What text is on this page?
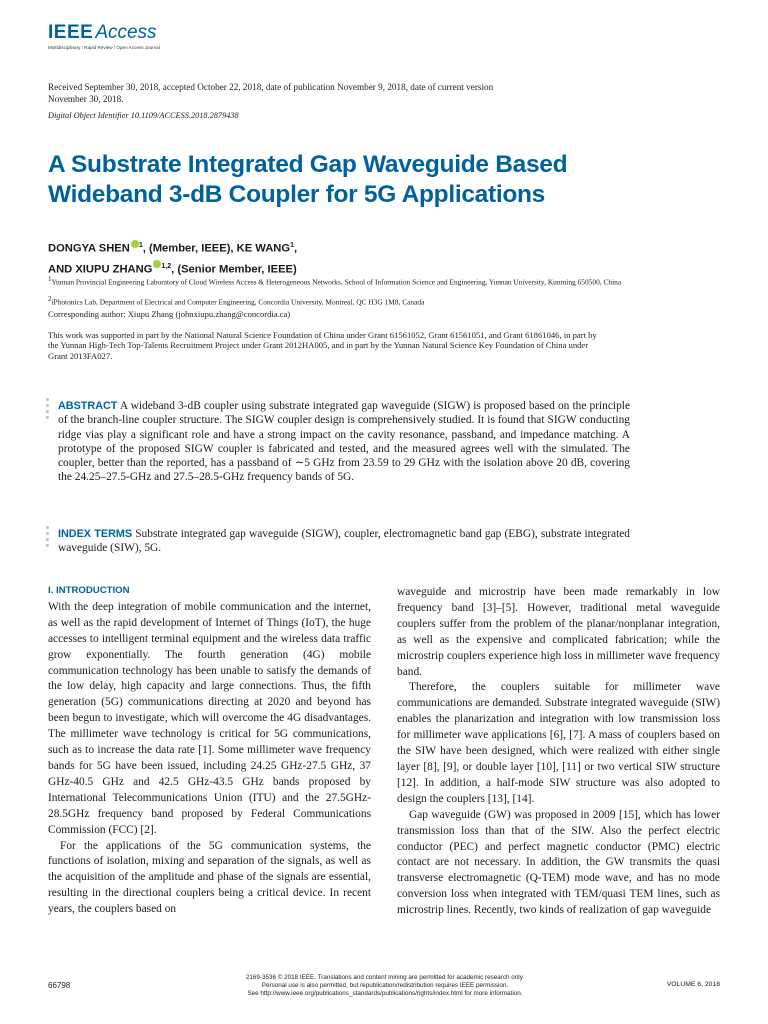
IEEE Access
Multidisciplinary ⁞ Rapid Review ⁞ Open Access Journal
Received September 30, 2018, accepted October 22, 2018, date of publication November 9, 2018, date of current version November 30, 2018.
Digital Object Identifier 10.1109/ACCESS.2018.2879438
A Substrate Integrated Gap Waveguide Based Wideband 3-dB Coupler for 5G Applications
DONGYA SHEN $^1$, (Member, IEEE), KE WANG$^1$,
AND XIUPU ZHANG $^{1,2}$, (Senior Member, IEEE)
$^1$Yunnan Provincial Engineering Laboratory of Cloud Wireless Access & Heterogeneous Networks, School of Information Science and Engineering, Yunnan University, Kunming 650500, China
$^2$iPhotonics Lab, Department of Electrical and Computer Engineering, Concordia University, Montreal, QC H3G 1M8, Canada
Corresponding author: Xiupu Zhang (johnxiupu.zhang@concordia.ca)
This work was supported in part by the National Natural Science Foundation of China under Grant 61561052, Grant 61561051, and Grant 61861046, in part by the Yunnan High-Tech Top-Talents Recruitment Project under Grant 2012HA005, and in part by the Yunnan Natural Science Key Foundation of China under Grant 2013FA027.
ABSTRACT A wideband 3-dB coupler using substrate integrated gap waveguide (SIGW) is proposed based on the principle of the branch-line coupler structure. The SIGW coupler design is comprehensively studied. It is found that SIGW conducting ridge vias play a significant role and have a strong impact on the cavity resonance, passband, and impedance matching. A prototype of the proposed SIGW coupler is fabricated and tested, and the measured agrees well with the simulated. The coupler, better than the reported, has a passband of ∼5 GHz from 23.59 to 29 GHz with the isolation above 20 dB, covering the 24.25–27.5-GHz and 27.5–28.5-GHz frequency bands of 5G.
INDEX TERMS Substrate integrated gap waveguide (SIGW), coupler, electromagnetic band gap (EBG), substrate integrated waveguide (SIW), 5G.
I. INTRODUCTION

With the deep integration of mobile communication and the internet, as well as the rapid development of Internet of Things (IoT), the huge accesses to intelligent terminal equipment and the wireless data traffic grow exponentially. The fourth generation (4G) mobile communication technology has been unable to satisfy the demands of the low delay, high capacity and large connections. Thus, the fifth generation (5G) communications directing at 2020 and beyond has been begun to investigate, which will overcome the 4G disadvantages. The millimeter wave technology is critical for 5G communications, such as to increase the data rate [1]. Some millimeter wave frequency bands for 5G have been issued, including 24.25 GHz-27.5 GHz, 37 GHz-40.5 GHz and 42.5 GHz-43.5 GHz bands proposed by International Telecommunications Union (ITU) and the 27.5GHz-28.5GHz frequency band proposed by Federal Communications Commission (FCC) [2].

For the applications of the 5G communication systems, the functions of isolation, mixing and separation of the signals, as well as the acquisition of the amplitude and phase of the signals are essential, resulting in the directional couplers being a critical device. In recent years, the couplers based on

waveguide and microstrip have been made remarkably in low frequency band [3]–[5]. However, traditional metal waveguide couplers suffer from the problem of the planar/nonplanar integration, as well as the expensive and complicated fabrication; while the microstrip couplers experience high loss in millimeter wave frequency band.

Therefore, the couplers suitable for millimeter wave communications are demanded. Substrate integrated waveguide (SIW) enables the planarization and integration with low transmission loss for millimeter wave applications [6], [7]. A mass of couplers based on the SIW have been designed, which were realized with either single layer [8], [9], or double layer [10], [11] or two vertical SIW structure [12]. In addition, a half-mode SIW structure was also adopted to design the couplers [13], [14].

Gap waveguide (GW) was proposed in 2009 [15], which has lower transmission loss than that of the SIW. Also the perfect electric conductor (PEC) and perfect magnetic conductor (PMC) electric contact are not necessary. In addition, the GW transmits the quasi transverse electromagnetic (Q-TEM) mode wave, and has no mode conversion loss when integrated with TEM/quasi TEM lines, such as microstrip lines. Recently, two kinds of realization of gap waveguide

66798
2169-3536 © 2018 IEEE. Translations and content mining are permitted for academic research only.
Personal use is also permitted, but republication/redistribution requires IEEE permission.
See http://www.ieee.org/publications_standards/publications/rights/index.html for more information.
VOLUME 6, 2018
